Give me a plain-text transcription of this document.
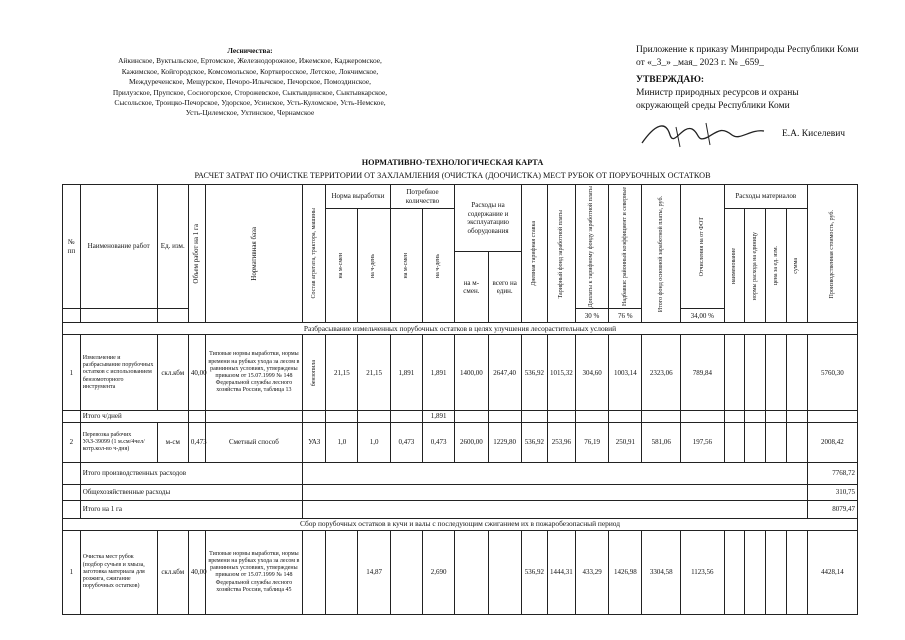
Лесничества:
Айкинское, Вуктыльское, Ертомское, Железнодорожное, Ижемское, Каджеромское,
Кажимское, Койгородское, Комсомольское, Корткеросское, Летское, Локчимское,
Междуреченское, Мещурское, Печоро-Илычское, Печорское, Помоздинское,
Прилузское, Прупское, Сосногорское, Сторожевское, Сыктывдинское, Сыктывкарское,
Сысольское, Троицко-Печорское, Удорское, Усинское, Усть-Куломское, Усть-Немское,
Усть-Цилемское, Ухтинское, Чернамское
Приложение к приказу Минприроды Республики Коми
от «_3_» _мая_ 2023 г. № _659_
УТВЕРЖДАЮ:
Министр природных ресурсов и охраны
окружающей среды Республики Коми
Е.А. Киселевич
НОРМАТИВНО-ТЕХНОЛОГИЧЕСКАЯ КАРТА
РАСЧЕТ ЗАТРАТ ПО ОЧИСТКЕ ТЕРРИТОРИИ ОТ ЗАХЛАМЛЕНИЯ (ОЧИСТКА (ДООЧИСТКА) МЕСТ РУБОК ОТ ПОРУБОЧНЫХ ОСТАТКОВ
№ пп	Наименование работ	Ед. изм.	Объем работ на 1 га	Нормативная база	Состав агрегата, трактора, машины	Норма выработки		Потребное количество		Расходы на содержание и эксплуатацию оборудования		Дневная тарифная ставка	Тарифный фонд заработной платы	Доплаты к тарифному фонду заработной платы	Надбавки: районный коэффициент и северные	Итого фонд основной заработной платы, руб.	Отчисления на от ФОТ	Расходы материалов				Производственная стоимость, руб.

						на м-смен	на ч-день	на м-смен	на ч-день									наименование	нормы расхода на единицу	цена за ед. изм.	сумма	

										на м-смен.	всего на един.											
														30 %	76 %		34,00 %					
Разбрасывание измельченных порубочных остатков в целях улучшения лесорастительных условий																						
1	Измельчение и разбрасывание порубочных остатков с использованием бензомоторного инструмента	скл.кбм	40,00	Типовые нормы выработки, нормы времени на рубках ухода за лесом в равнинных условиях, утверждены приказом от 15.07.1999 № 148 Федеральной службы лесного хозяйства России, таблица 13	бензопила	21,15	21,15	1,891	1,891	1400,00	2647,40	536,92	1015,32	304,60	1003,14	2323,06	789,84					5760,30
	Итого ч/дней								1,891													
2	Перевозка рабочих УАЗ-39099 (1 м.см/4чел/котр.кол-во ч-дня)	м-см	0,473	Сметный способ	УАЗ	1,0	1,0	0,473	0,473	2600,00	1229,80	536,92	253,96	76,19	250,91	581,06	197,56					2008,42
	Итого производственных расходов																					7768,72
	Общехозяйственные расходы																					310,75
	Итого на 1 га																					8079,47
Сбор порубочных остатков в кучи и валы с последующим сжиганием их в пожаробезопасный период																						
1	Очистка мест рубок (подбор сучьев и хмыза, заготовка материала для розжига, сжигание порубочных остатков)	скл.кбм	40,00	Типовые нормы выработки, нормы времени на рубках ухода за лесом в равнинных условиях, утверждены приказом от 15.07.1999 № 148 Федеральной службы лесного хозяйства России, таблица 45			14,87		2,690			536,92	1444,31	433,29	1426,98	3304,58	1123,56					4428,14
